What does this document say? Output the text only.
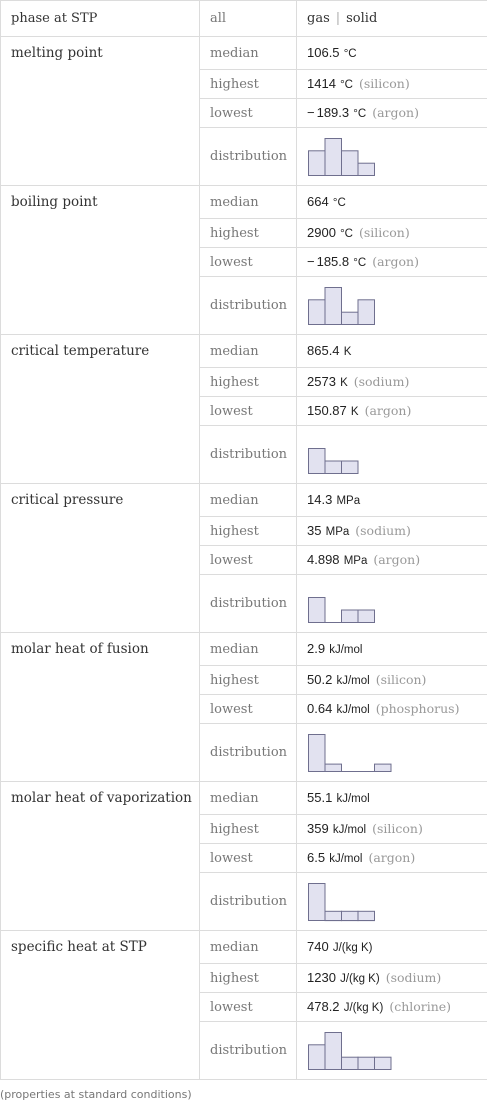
phase at STP	all	gas | solid
melting point	median	106.5 °C
	highest	1414 °C (silicon)
	lowest	− 189.3 °C (argon)
	distribution	

boiling point	median	664 °C
	highest	2900 °C (silicon)
	lowest	− 185.8 °C (argon)
	distribution	

critical temperature	median	865.4 K
	highest	2573 K (sodium)
	lowest	150.87 K (argon)
	distribution	

critical pressure	median	14.3 MPa
	highest	35 MPa (sodium)
	lowest	4.898 MPa (argon)
	distribution	

molar heat of fusion	median	2.9 kJ/mol
	highest	50.2 kJ/mol (silicon)
	lowest	0.64 kJ/mol (phosphorus)
	distribution	

molar heat of vaporization	median	55.1 kJ/mol
	highest	359 kJ/mol (silicon)
	lowest	6.5 kJ/mol (argon)
	distribution	

specific heat at STP	median	740 J/(kg K)
	highest	1230 J/(kg K) (sodium)
	lowest	478.2 J/(kg K) (chlorine)
	distribution	
(properties at standard conditions)
